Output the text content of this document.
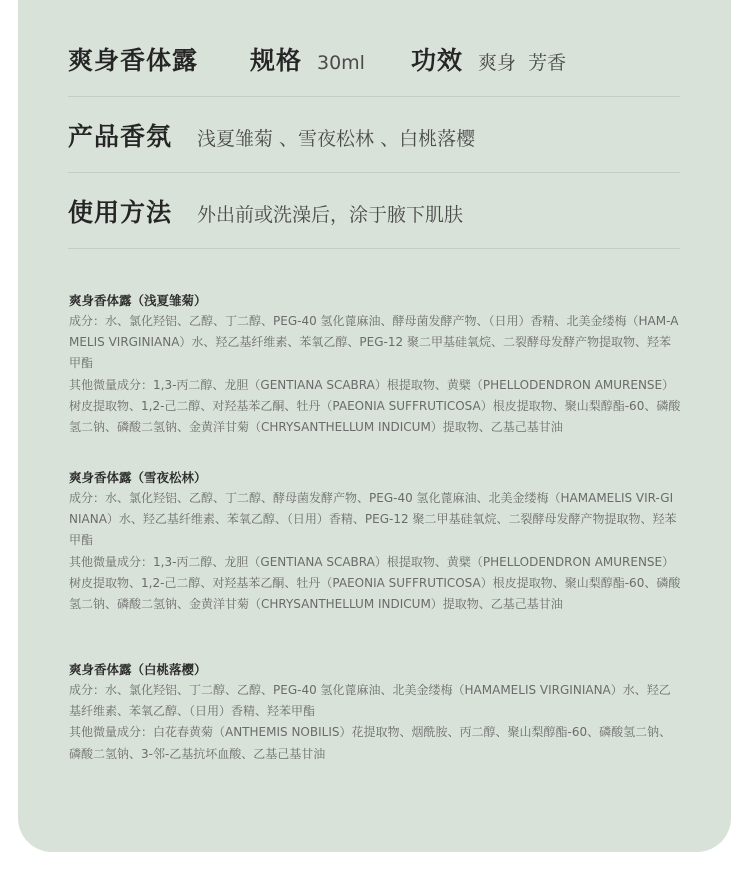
爽身香体露 规格 30ml 功效 爽身  芳香
产品香氛 浅夏雏菊 、雪夜松林 、白桃落樱
使用方法 外出前或洗澡后，涂于腋下肌肤
爽身香体露（浅夏雏菊）
成分：水、氯化羟铝、乙醇、丁二醇、PEG-40 氢化蓖麻油、酵母菌发酵产物、（日用）香精、北美金缕梅（HAM-AMELIS VIRGINIANA）水、羟乙基纤维素、苯氧乙醇、PEG-12 聚二甲基硅氧烷、二裂酵母发酵产物提取物、羟苯甲酯
其他微量成分：1,3-丙二醇、龙胆（GENTIANA SCABRA）根提取物、黄檗（PHELLODENDRON AMURENSE）树皮提取物、1,2-己二醇、对羟基苯乙酮、牡丹（PAEONIA SUFFRUTICOSA）根皮提取物、聚山梨醇酯-60、磷酸氢二钠、磷酸二氢钠、金黄洋甘菊（CHRYSANTHELLUM INDICUM）提取物、乙基己基甘油
爽身香体露（雪夜松林）
成分：水、氯化羟铝、乙醇、丁二醇、酵母菌发酵产物、PEG-40 氢化蓖麻油、北美金缕梅（HAMAMELIS VIR-GINIANA）水、羟乙基纤维素、苯氧乙醇、（日用）香精、PEG-12 聚二甲基硅氧烷、二裂酵母发酵产物提取物、羟苯甲酯
其他微量成分：1,3-丙二醇、龙胆（GENTIANA SCABRA）根提取物、黄檗（PHELLODENDRON AMURENSE）树皮提取物、1,2-己二醇、对羟基苯乙酮、牡丹（PAEONIA SUFFRUTICOSA）根皮提取物、聚山梨醇酯-60、磷酸氢二钠、磷酸二氢钠、金黄洋甘菊（CHRYSANTHELLUM INDICUM）提取物、乙基己基甘油
爽身香体露（白桃落樱）
成分：水、氯化羟铝、丁二醇、乙醇、PEG-40 氢化蓖麻油、北美金缕梅（HAMAMELIS VIRGINIANA）水、羟乙基纤维素、苯氧乙醇、（日用）香精、羟苯甲酯
其他微量成分：白花春黄菊（ANTHEMIS NOBILIS）花提取物、烟酰胺、丙二醇、聚山梨醇酯-60、磷酸氢二钠、磷酸二氢钠、3-邻-乙基抗坏血酸、乙基己基甘油
